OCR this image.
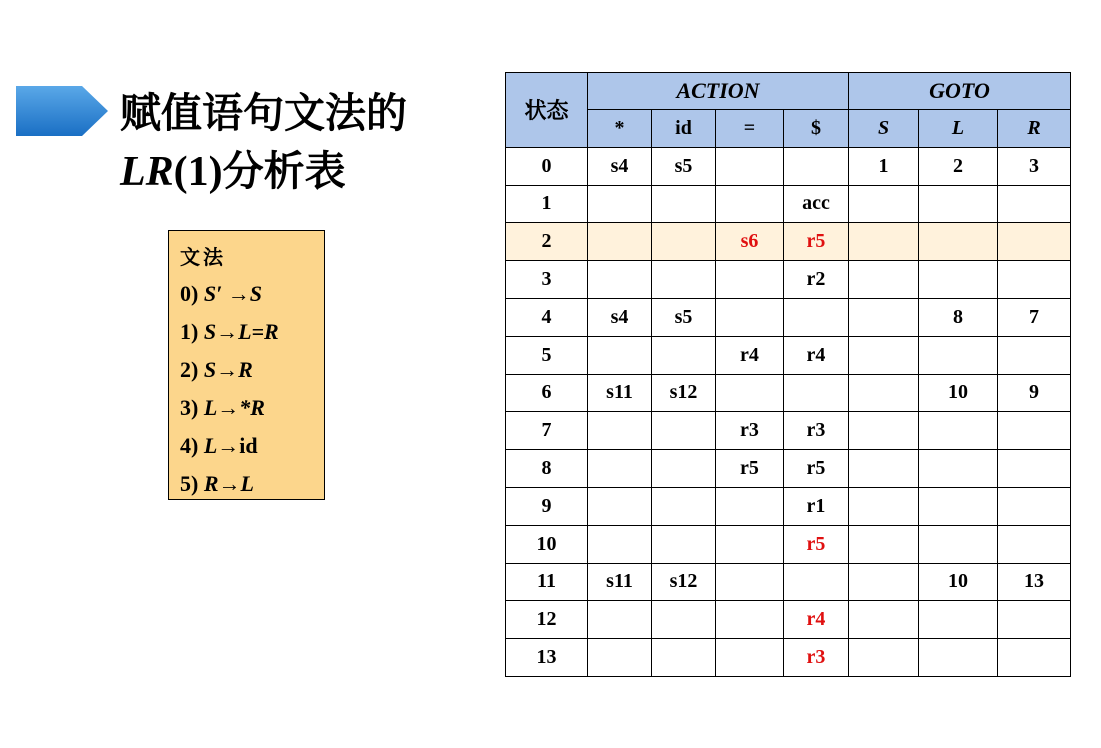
赋值语句文法的
LR(1)分析表
文法
0) S′ →S
1) S→L=R
2) S→R
3) L→*R
4) L→id
5) R→L
状态	ACTION				GOTO		
	*	id	=	$	S	L	R
0	s4	s5			1	2	3
1				acc			
2			s6	r5			
3				r2			
4	s4	s5				8	7
5			r4	r4			
6	s11	s12				10	9
7			r3	r3			
8			r5	r5			
9				r1			
10				r5			
11	s11	s12				10	13
12				r4			
13				r3			
